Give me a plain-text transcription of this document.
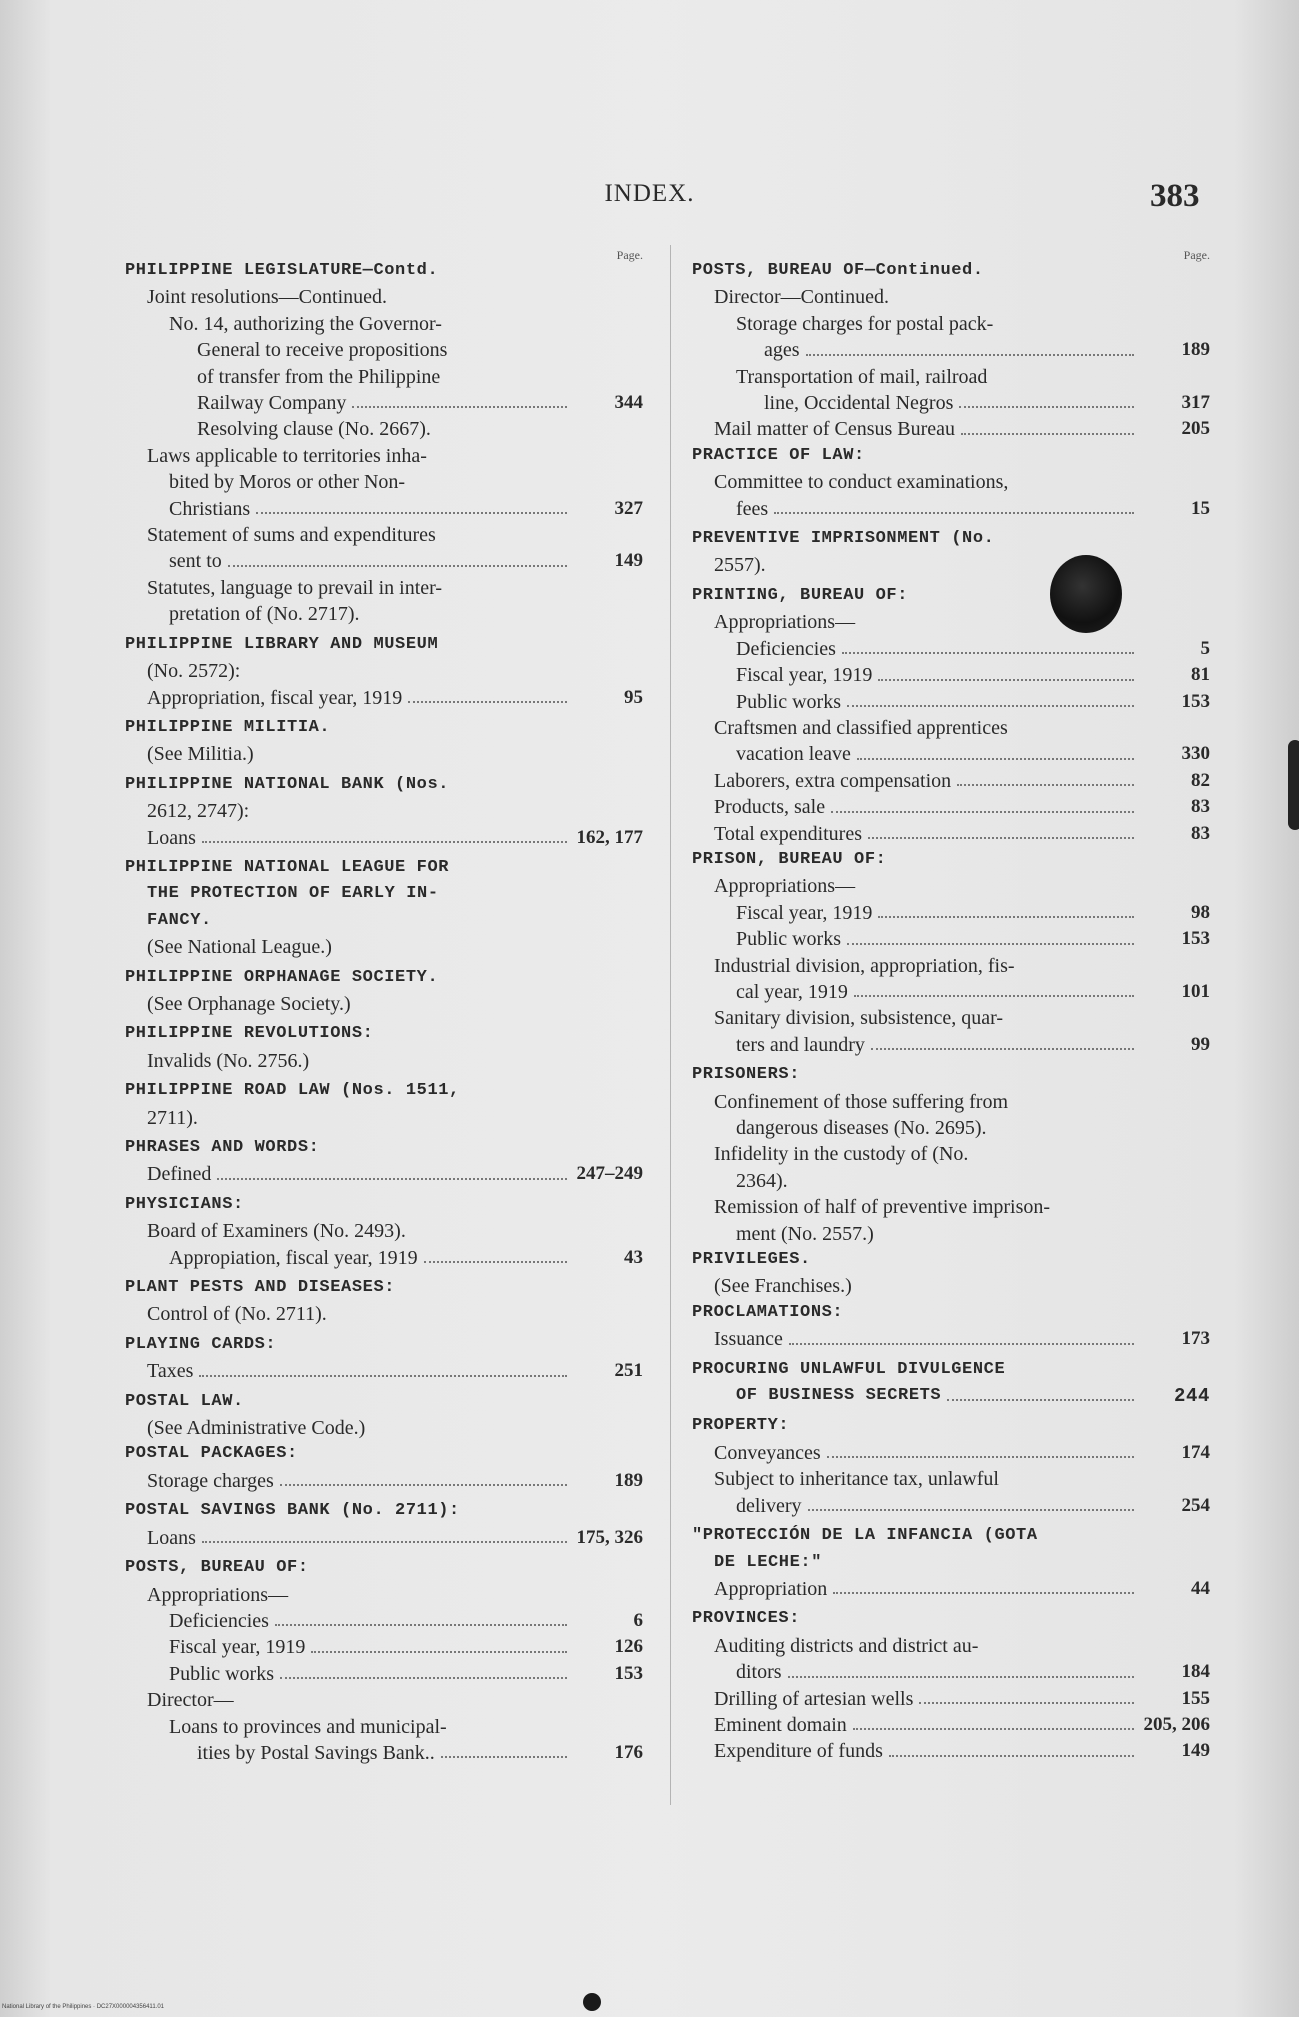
INDEX.	383
Page.
PHILIPPINE LEGISLATURE—Contd.
Joint resolutions—Continued.
No. 14, authorizing the Governor-
General to receive propositions
of transfer from the Philippine
Railway Company	344
Resolving clause (No. 2667).
Laws applicable to territories inha-
bited by Moros or other Non-
Christians	327
Statement of sums and expenditures
sent to	149
Statutes, language to prevail in inter-
pretation of (No. 2717).
PHILIPPINE LIBRARY AND MUSEUM
(No. 2572):
Appropriation, fiscal year, 1919	95
PHILIPPINE MILITIA.
(See Militia.)
PHILIPPINE NATIONAL BANK (Nos.
2612, 2747):
Loans	162, 177
PHILIPPINE NATIONAL LEAGUE FOR
THE PROTECTION OF EARLY IN-
FANCY.
(See National League.)
PHILIPPINE ORPHANAGE SOCIETY.
(See Orphanage Society.)
PHILIPPINE REVOLUTIONS:
Invalids (No. 2756.)
PHILIPPINE ROAD LAW (Nos. 1511,
2711).
PHRASES AND WORDS:
Defined	247–249
PHYSICIANS:
Board of Examiners (No. 2493).
Appropiation, fiscal year, 1919	43
PLANT PESTS AND DISEASES:
Control of (No. 2711).
PLAYING CARDS:
Taxes	251
POSTAL LAW.
(See Administrative Code.)
POSTAL PACKAGES:
Storage charges	189
POSTAL SAVINGS BANK (No. 2711):
Loans	175, 326
POSTS, BUREAU OF:
Appropriations—
Deficiencies	6
Fiscal year, 1919	126
Public works	153
Director—
Loans to provinces and municipal-
ities by Postal Savings Bank..	176
Page.
POSTS, BUREAU OF—Continued.
Director—Continued.
Storage charges for postal pack-
ages	189
Transportation of mail, railroad
line, Occidental Negros	317
Mail matter of Census Bureau	205
PRACTICE OF LAW:
Committee to conduct examinations,
fees	15
PREVENTIVE IMPRISONMENT (No.
2557).
PRINTING, BUREAU OF:
Appropriations—
Deficiencies	5
Fiscal year, 1919	81
Public works	153
Craftsmen and classified apprentices
vacation leave	330
Laborers, extra compensation	82
Products, sale	83
Total expenditures	83
PRISON, BUREAU OF:
Appropriations—
Fiscal year, 1919	98
Public works	153
Industrial division, appropriation, fis-
cal year, 1919	101
Sanitary division, subsistence, quar-
ters and laundry	99
PRISONERS:
Confinement of those suffering from
dangerous diseases (No. 2695).
Infidelity in the custody of (No.
2364).
Remission of half of preventive imprison-
ment (No. 2557.)
PRIVILEGES.
(See Franchises.)
PROCLAMATIONS:
Issuance	173
PROCURING UNLAWFUL DIVULGENCE
OF BUSINESS SECRETS	244
PROPERTY:
Conveyances	174
Subject to inheritance tax, unlawful
delivery	254
"PROTECCIÓN DE LA INFANCIA (GOTA
DE LECHE:"
Appropriation	44
PROVINCES:
Auditing districts and district au-
ditors	184
Drilling of artesian wells	155
Eminent domain	205, 206
Expenditure of funds	149
National Library of the Philippines · DC27X000004356411.01
